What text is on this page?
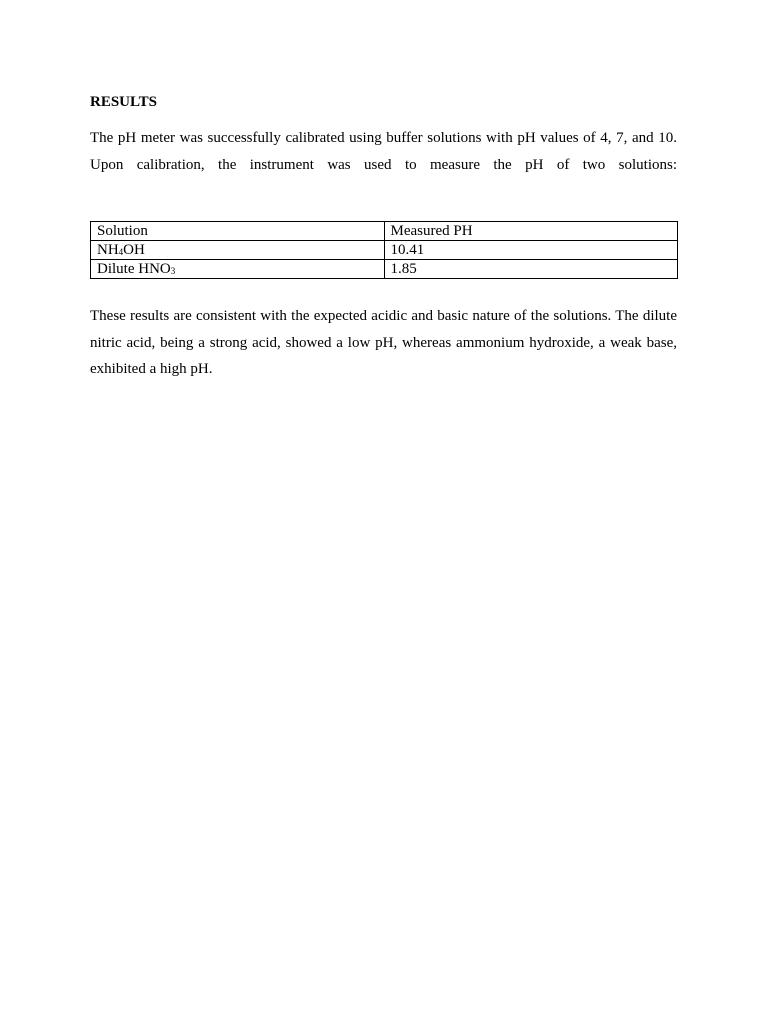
RESULTS
The pH meter was successfully calibrated using buffer solutions with pH values of 4, 7, and 10.
Upon calibration, the instrument was used to measure the pH of two solutions:
Solution	Measured PH
$NH_4OH$	10.41
Dilute $HNO_3$	1.85
These results are consistent with the expected acidic and basic nature of the solutions. The dilute nitric acid, being a strong acid, showed a low pH, whereas ammonium hydroxide, a weak base, exhibited a high pH.
